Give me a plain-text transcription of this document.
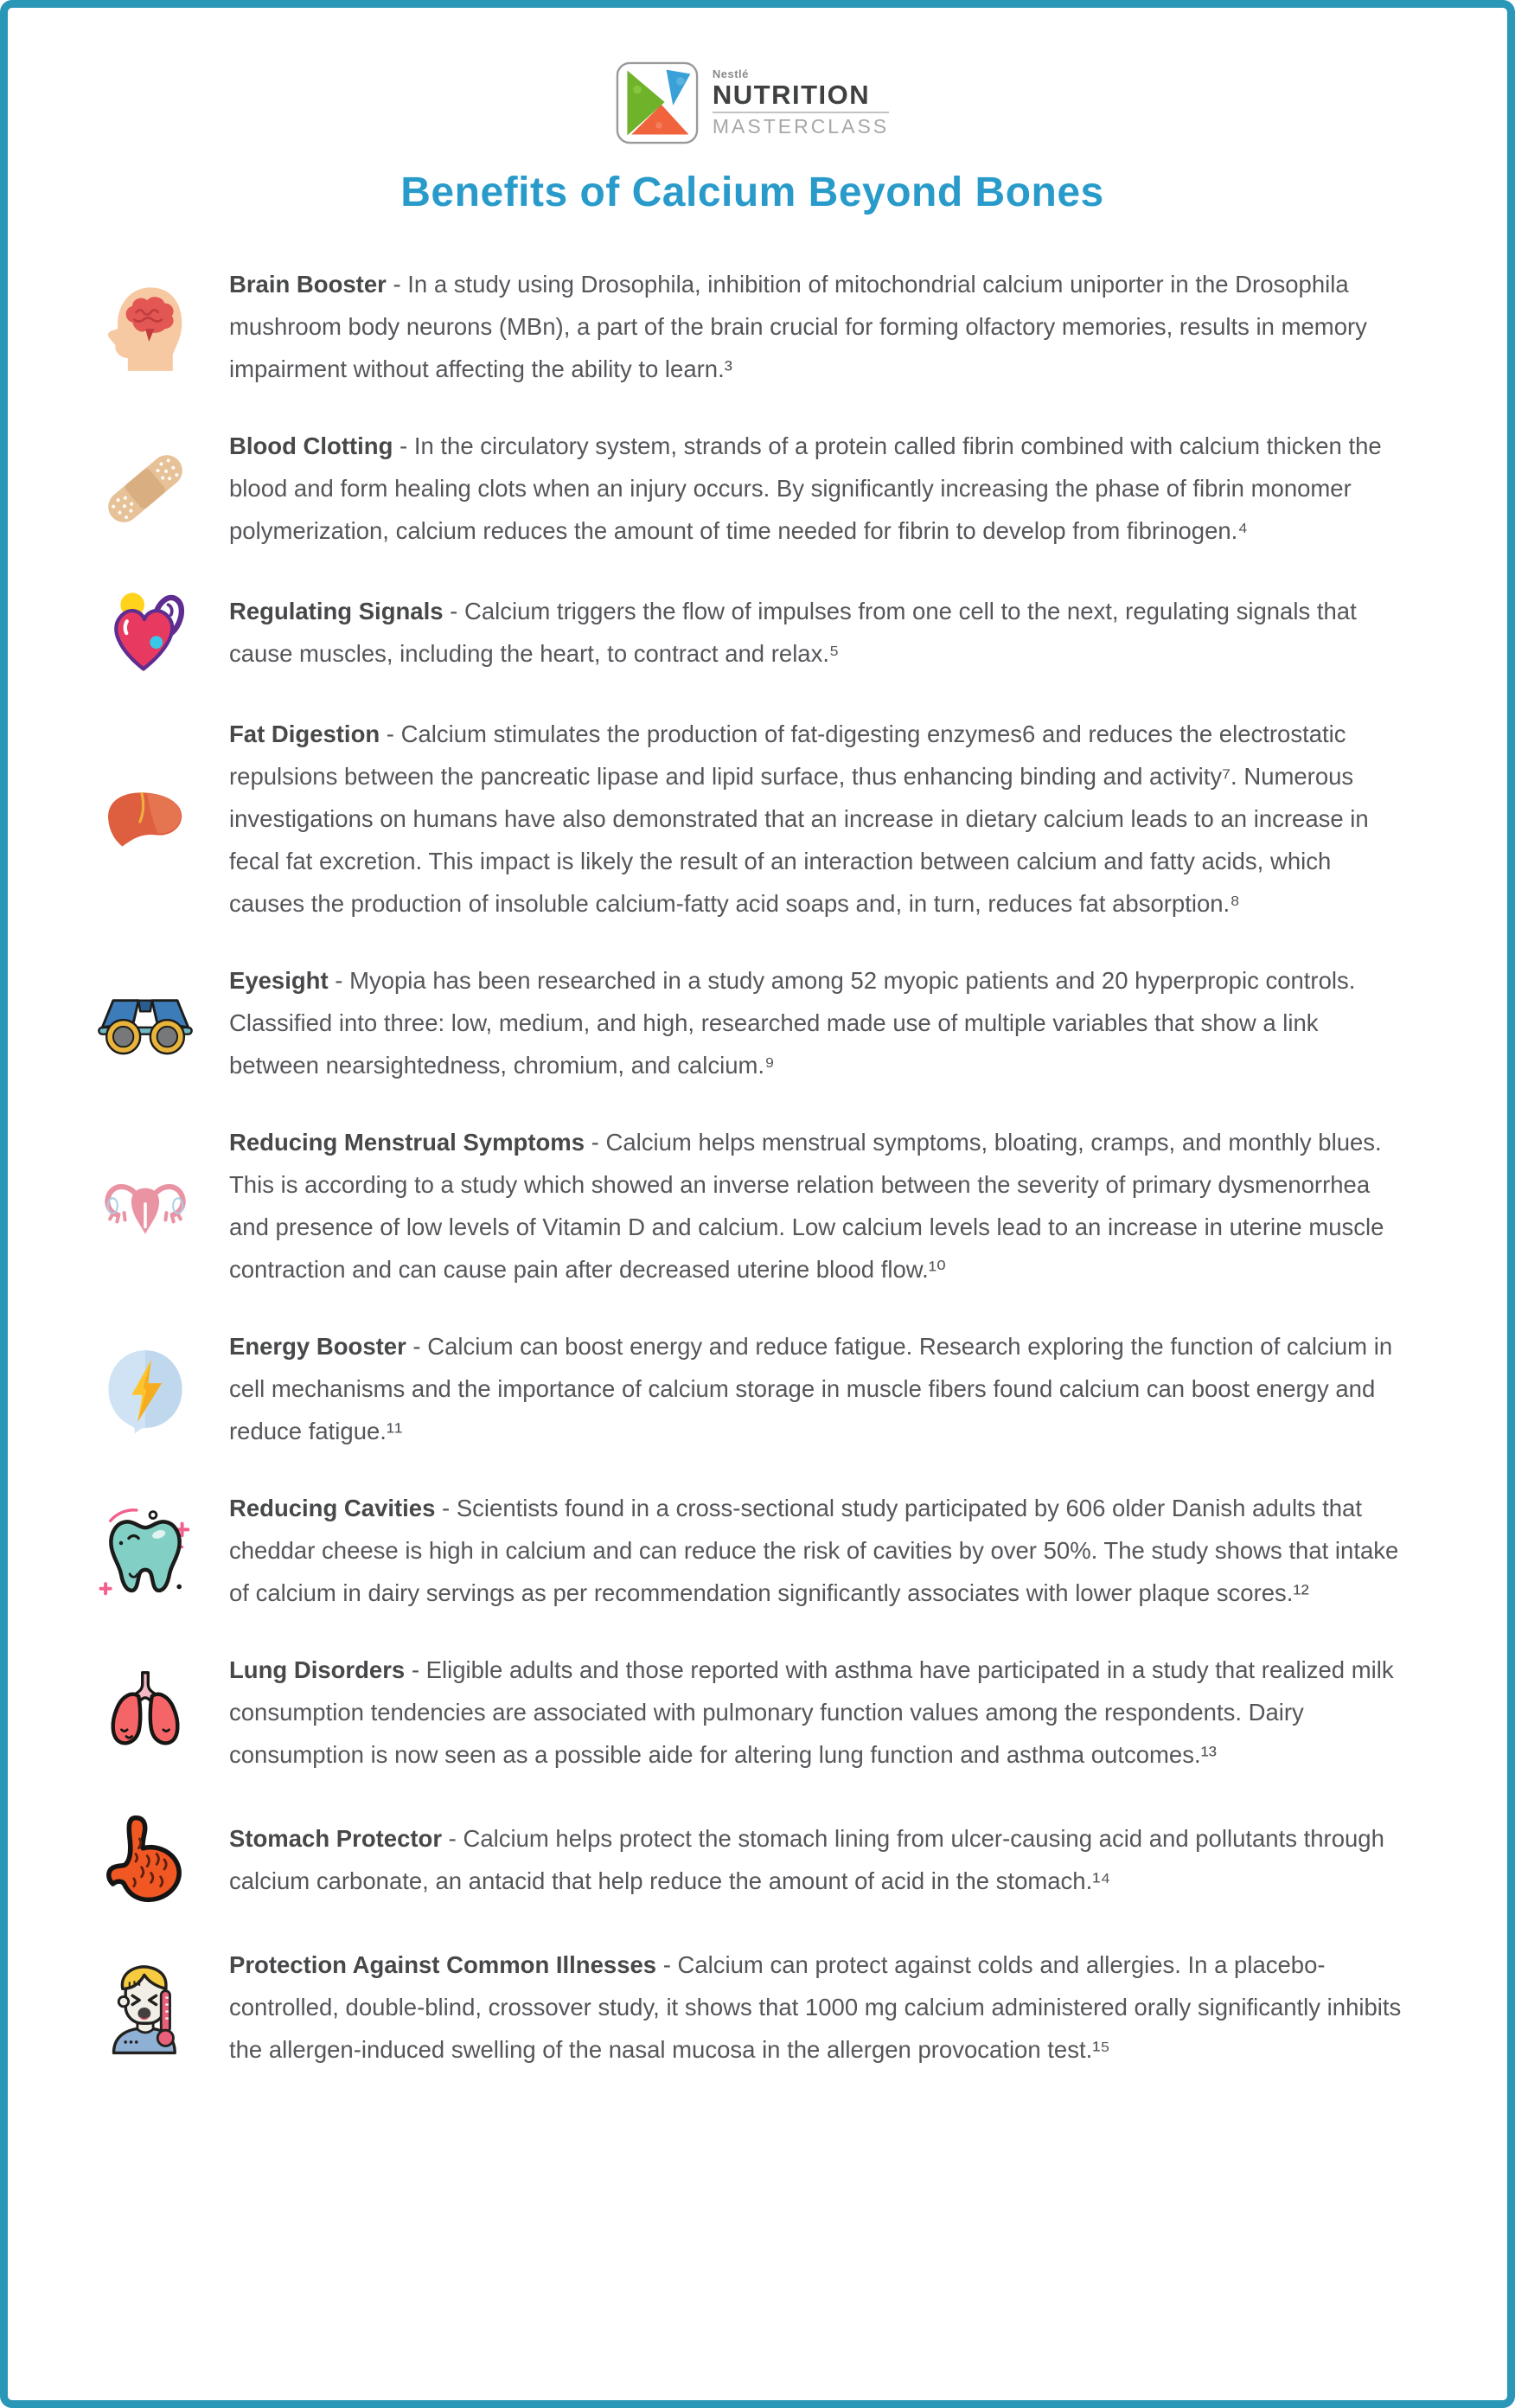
Nestlé
NUTRITION
MASTERCLASS
Benefits of Calcium Beyond Bones

Brain Booster - In a study using Drosophila, inhibition of mitochondrial calcium uniporter in the Drosophila mushroom body neurons (MBn), a part of the brain crucial for forming olfactory memories, results in memory impairment without affecting the ability to learn.³

Blood Clotting - In the circulatory system, strands of a protein called fibrin combined with calcium thicken the blood and form healing clots when an injury occurs. By significantly increasing the phase of fibrin monomer polymerization, calcium reduces the amount of time needed for fibrin to develop from fibrinogen.⁴

Regulating Signals - Calcium triggers the flow of impulses from one cell to the next, regulating signals that cause muscles, including the heart, to contract and relax.⁵

Fat Digestion - Calcium stimulates the production of fat-digesting enzymes6 and reduces the electrostatic repulsions between the pancreatic lipase and lipid surface, thus enhancing binding and activity⁷. Numerous investigations on humans have also demonstrated that an increase in dietary calcium leads to an increase in fecal fat excretion. This impact is likely the result of an interaction between calcium and fatty acids, which causes the production of insoluble calcium-fatty acid soaps and, in turn, reduces fat absorption.⁸

Eyesight - Myopia has been researched in a study among 52 myopic patients and 20 hyperpropic controls. Classified into three: low, medium, and high, researched made use of multiple variables that show a link between nearsightedness, chromium, and calcium.⁹

Reducing Menstrual Symptoms - Calcium helps menstrual symptoms, bloating, cramps, and monthly blues. This is according to a study which showed an inverse relation between the severity of primary dysmenorrhea and presence of low levels of Vitamin D and calcium. Low calcium levels lead to an increase in uterine muscle contraction and can cause pain after decreased uterine blood flow.¹⁰

Energy Booster - Calcium can boost energy and reduce fatigue. Research exploring the function of calcium in cell mechanisms and the importance of calcium storage in muscle fibers found calcium can boost energy and reduce fatigue.¹¹

Reducing Cavities - Scientists found in a cross-sectional study participated by 606 older Danish adults that cheddar cheese is high in calcium and can reduce the risk of cavities by over 50%. The study shows that intake of calcium in dairy servings as per recommendation significantly associates with lower plaque scores.¹²

Lung Disorders - Eligible adults and those reported with asthma have participated in a study that realized milk consumption tendencies are associated with pulmonary function values among the respondents. Dairy consumption is now seen as a possible aide for altering lung function and asthma outcomes.¹³

Stomach Protector - Calcium helps protect the stomach lining from ulcer-causing acid and pollutants through calcium carbonate, an antacid that help reduce the amount of acid in the stomach.¹⁴

Protection Against Common Illnesses - Calcium can protect against colds and allergies. In a placebo-controlled, double-blind, crossover study, it shows that 1000 mg calcium administered orally significantly inhibits the allergen-induced swelling of the nasal mucosa in the allergen provocation test.¹⁵
